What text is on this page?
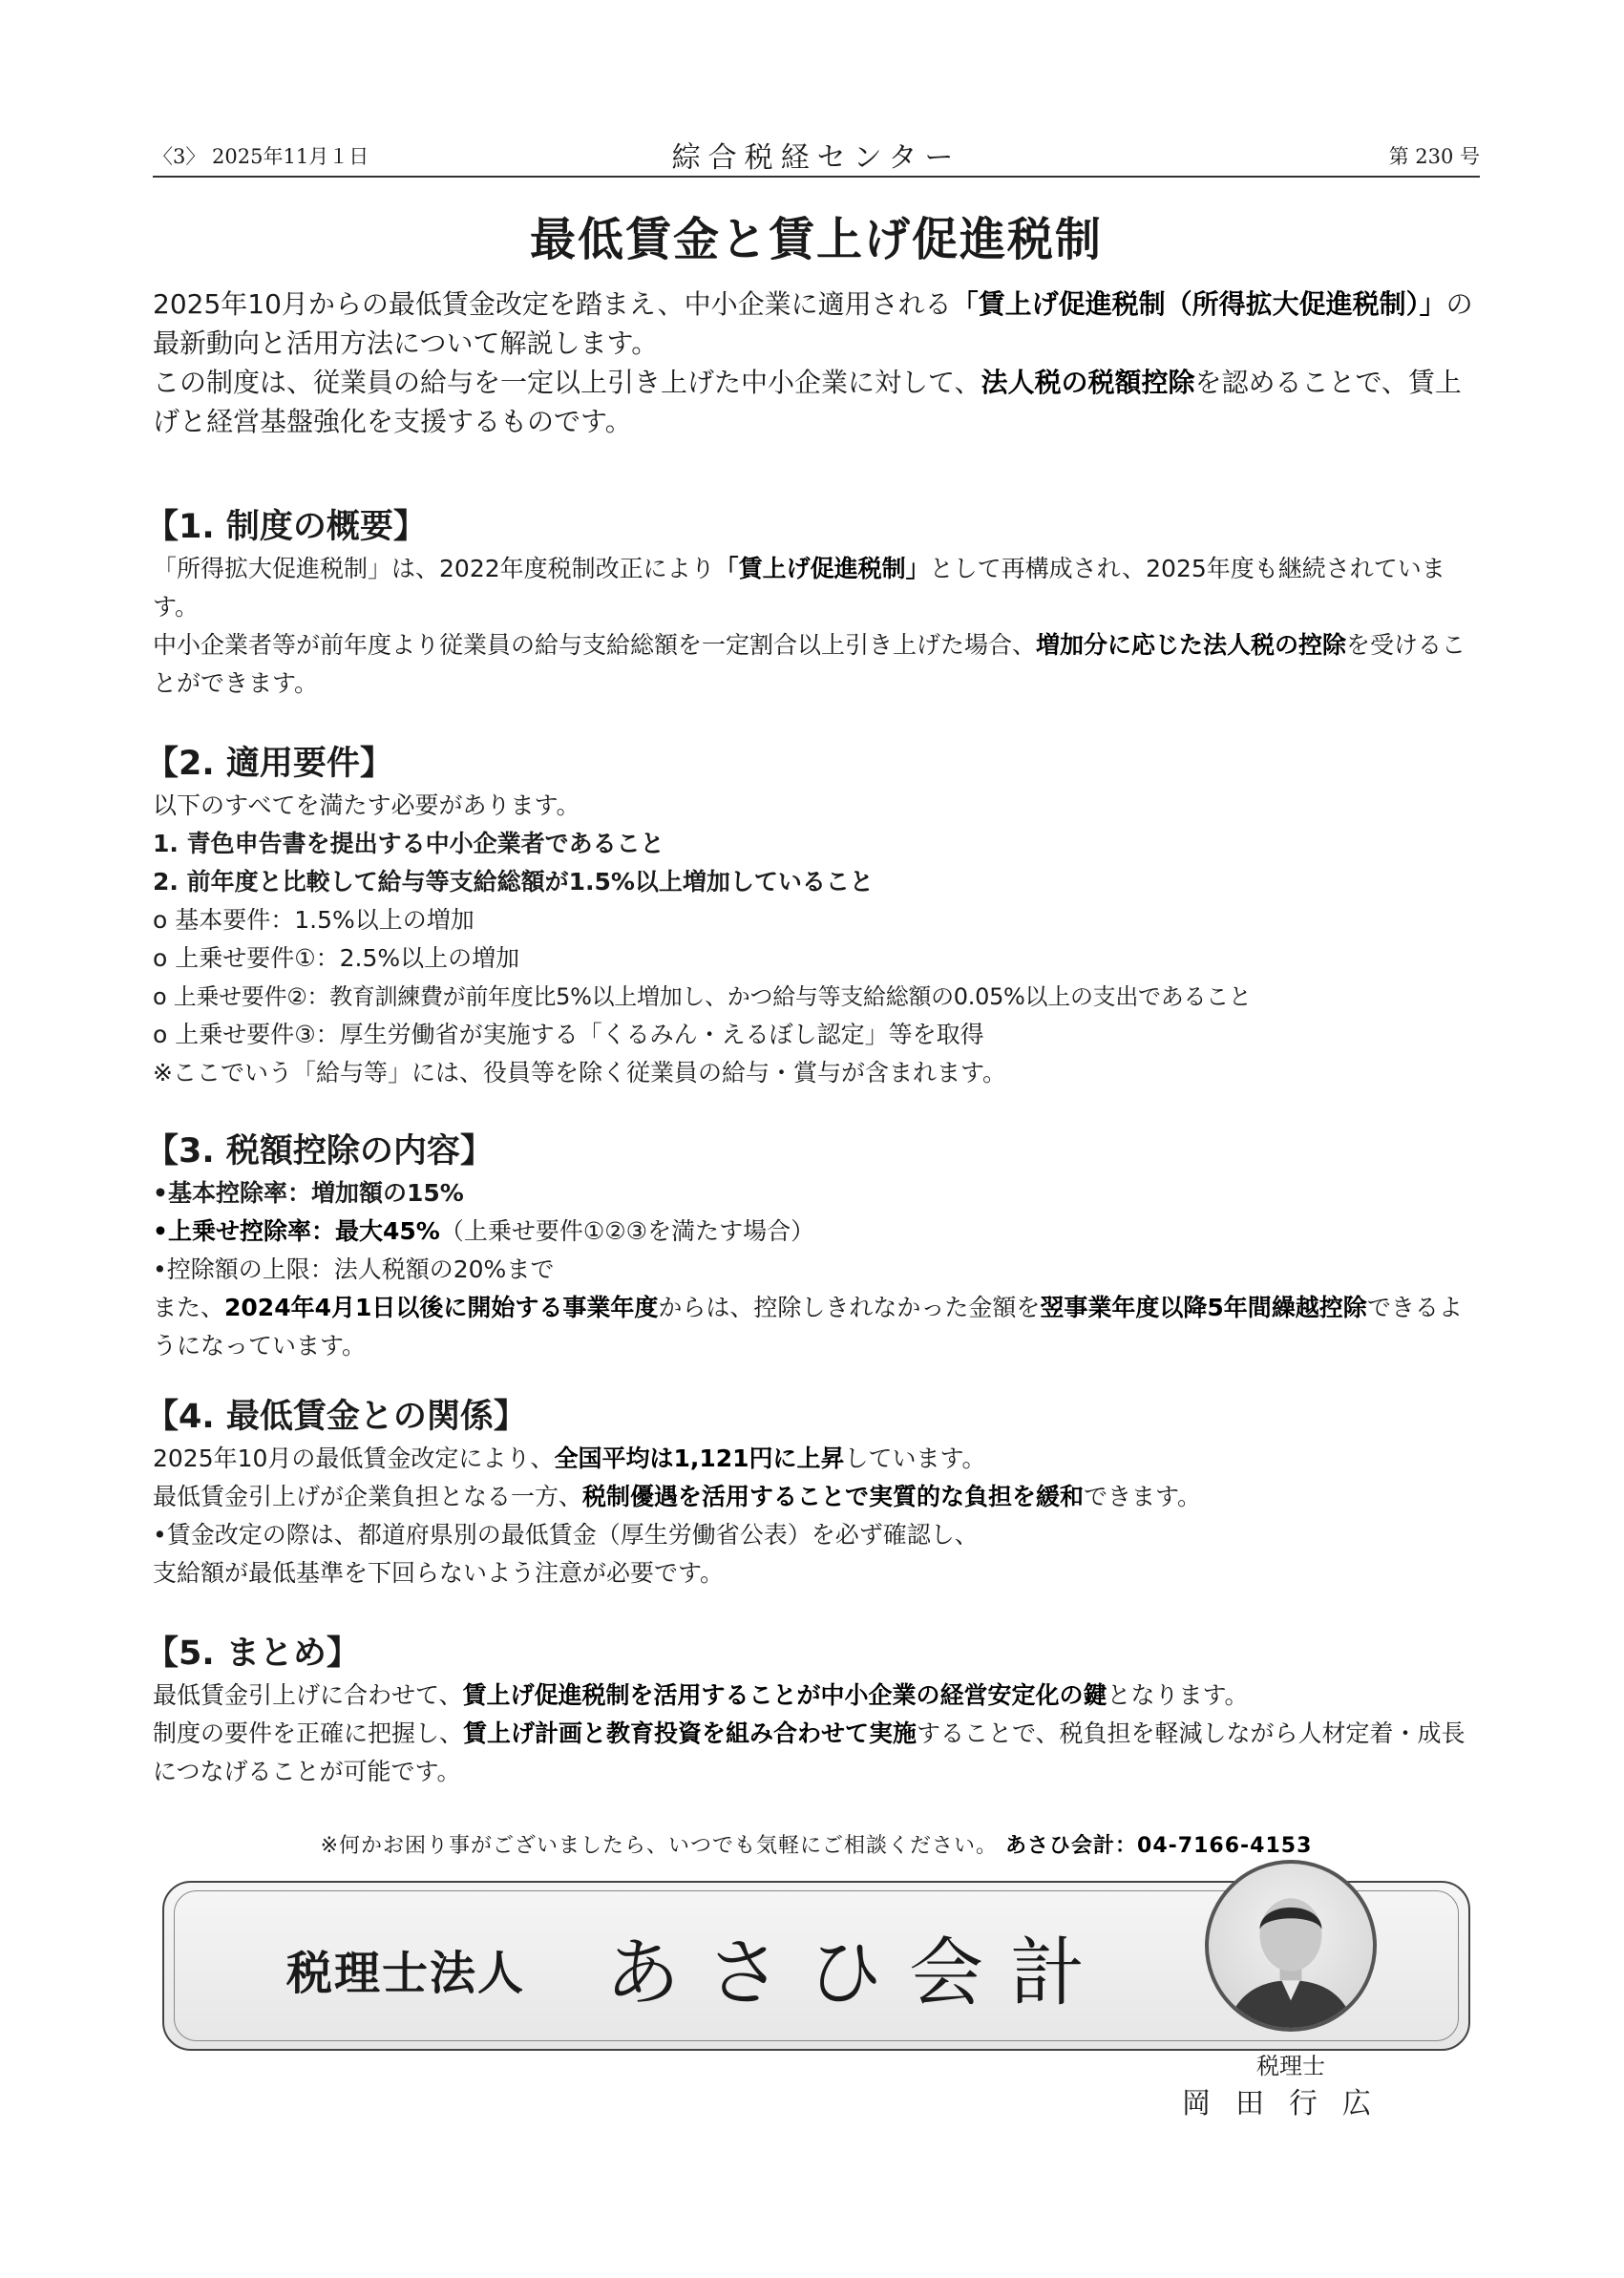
〈3〉 2025年11月１日	綜合税経センター	第 230 号
最低賃金と賃上げ促進税制

2025年10月からの最低賃金改定を踏まえ、中小企業に適用される「賃上げ促進税制（所得拡大促進税制）」の最新動向と活用方法について解説します。

この制度は、従業員の給与を一定以上引き上げた中小企業に対して、法人税の税額控除を認めることで、賃上げと経営基盤強化を支援するものです。

【1. 制度の概要】

「所得拡大促進税制」は、2022年度税制改正により「賃上げ促進税制」として再構成され、2025年度も継続されています。

中小企業者等が前年度より従業員の給与支給総額を一定割合以上引き上げた場合、増加分に応じた法人税の控除を受けることができます。

【2. 適用要件】

以下のすべてを満たす必要があります。

1. 青色申告書を提出する中小企業者であること

2. 前年度と比較して給与等支給総額が1.5%以上増加していること

o 基本要件：1.5%以上の増加

o 上乗せ要件①：2.5%以上の増加

o 上乗せ要件②：教育訓練費が前年度比5%以上増加し、かつ給与等支給総額の0.05%以上の支出であること

o 上乗せ要件③：厚生労働省が実施する「くるみん・えるぼし認定」等を取得

※ここでいう「給与等」には、役員等を除く従業員の給与・賞与が含まれます。

【3. 税額控除の内容】

•基本控除率：増加額の15%

•上乗せ控除率：最大45%（上乗せ要件①②③を満たす場合）

•控除額の上限：法人税額の20%まで

また、2024年4月1日以後に開始する事業年度からは、控除しきれなかった金額を翌事業年度以降5年間繰越控除できるようになっています。

【4. 最低賃金との関係】

2025年10月の最低賃金改定により、全国平均は1,121円に上昇しています。

最低賃金引上げが企業負担となる一方、税制優遇を活用することで実質的な負担を緩和できます。

•賃金改定の際は、都道府県別の最低賃金（厚生労働省公表）を必ず確認し、

支給額が最低基準を下回らないよう注意が必要です。

【5. まとめ】

最低賃金引上げに合わせて、賃上げ促進税制を活用することが中小企業の経営安定化の鍵となります。

制度の要件を正確に把握し、賃上げ計画と教育投資を組み合わせて実施することで、税負担を軽減しながら人材定着・成長につなげることが可能です。

※何かお困り事がございましたら、いつでも気軽にご相談ください。 あさひ会計：04-7166-4153
税理士法人 あさひ会計
税理士
岡田行広
